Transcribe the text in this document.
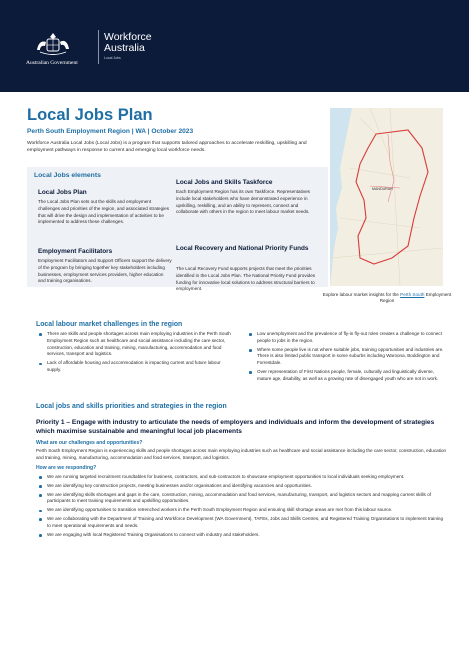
Australian Government
Workforce
Australia
Local Jobs
Local Jobs Plan
Perth South Employment Region | WA | October 2023
Workforce Australia Local Jobs (Local Jobs) is a program that supports tailored approaches to accelerate reskilling, upskilling and employment pathways in response to current and emerging local workforce needs.
Local Jobs elements
Local Jobs Plan
The Local Jobs Plan sets out the skills and employment challenges and priorities of the region, and associated strategies that will drive the design and implementation of activities to be implemented to address these challenges.
Employment Facilitators
Employment Facilitators and Support Officers support the delivery of the program by bringing together key stakeholders including businesses, employment services providers, higher education and training organisations.
Local Jobs and Skills Taskforce
Each Employment Region has its own Taskforce. Representatives include local stakeholders who have demonstrated experience in upskilling, reskilling, and an ability to represent, connect and collaborate with others in the region to meet labour market needs.
Local Recovery and National Priority Funds
The Local Recovery Fund supports projects that meet the priorities identified in the Local Jobs Plan. The National Priority Fund provides funding for innovative local solutions to address structural barriers to employment.
MANDURAH
Explore labour market insights for the Perth South Employment Region
Local labour market challenges in the region
There are skills and people shortages across main employing industries in the Perth South Employment Region such as healthcare and social assistance including the care sector, construction, education and training, mining, manufacturing, accommodation and food services, transport and logistics.
Lack of affordable housing and accommodation is impacting current and future labour supply.
Low unemployment and the prevalence of fly-in fly-out roles creates a challenge to connect people to jobs in the region.
Where some people live is not where suitable jobs, training opportunities and industries are. There is also limited public transport in some suburbs including Waroona, Boddington and Forrestdale.
Over representation of First Nations people, female, culturally and linguistically diverse, mature age, disability, as well as a growing rate of disengaged youth who are not in work.
Local jobs and skills priorities and strategies in the region
Priority 1 – Engage with industry to articulate the needs of employers and individuals and inform the development of strategies which maximise sustainable and meaningful local job placements
What are our challenges and opportunities?
Perth South Employment Region is experiencing skills and people shortages across main employing industries such as healthcare and social assistance including the care sector, construction, education and training, mining, manufacturing, accommodation and food services, transport, and logistics.
How are we responding?
We are running targeted recruitment roundtables for business, contractors, and sub-contractors to showcase employment opportunities to local individuals seeking employment.
We are identifying key construction projects, meeting businesses and/or organisations and identifying vacancies and opportunities.
We are identifying skills shortages and gaps in the care, construction, mining, accommodation and food services, manufacturing, transport, and logistics sectors and mapping current skills of participants to meet training requirements and upskilling opportunities.
We are identifying opportunities to transition retrenched workers in the Perth South Employment Region and ensuring skill shortage areas are met from this labour source.
We are collaborating with the Department of Training and Workforce Development (WA Government), TAFEs, Jobs and Skills Centres, and Registered Training Organisations to implement training to meet operational requirements and needs.
We are engaging with local Registered Training Organisations to connect with industry and stakeholders.
